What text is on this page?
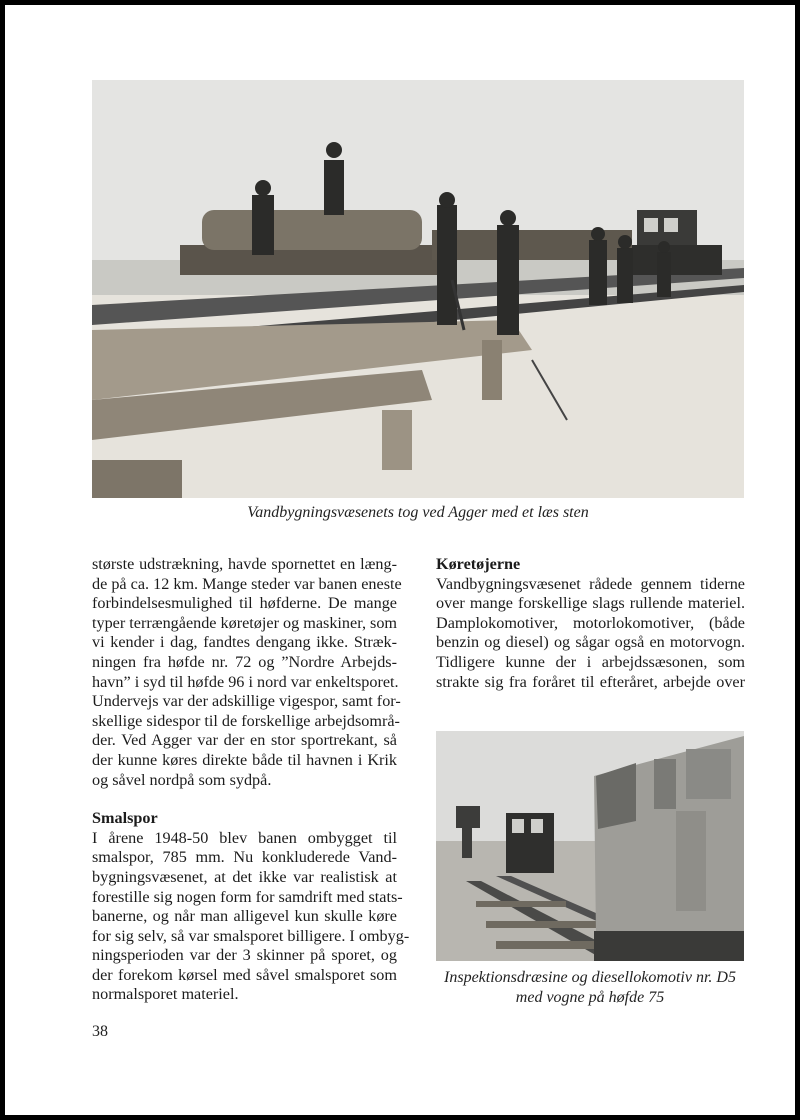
Vandbygningsvæsenets tog ved Agger med et læs sten
største udstrækning, havde spornettet en læng-
de på ca. 12 km. Mange steder var banen eneste
forbindelsesmulighed til høfderne. De mange
typer terrængående køretøjer og maskiner, som
vi kender i dag, fandtes dengang ikke. Stræk-
ningen fra høfde nr. 72 og ”Nordre Arbejds-
havn” i syd til høfde 96 i nord var enkeltsporet.
Undervejs var der adskillige vigespor, samt for-
skellige sidespor til de forskellige arbejdsområ-
der. Ved Agger var der en stor sportrekant, så
der kunne køres direkte både til havnen i Krik
og såvel nordpå som sydpå.
Smalspor
I årene 1948-50 blev banen ombygget til
smalspor, 785 mm. Nu konkluderede Vand-
bygningsvæsenet, at det ikke var realistisk at
forestille sig nogen form for samdrift med stats-
banerne, og når man alligevel kun skulle køre
for sig selv, så var smalsporet billigere. I ombyg-
ningsperioden var der 3 skinner på sporet, og
der forekom kørsel med såvel smalsporet som
normalsporet materiel.
Køretøjerne
Vandbygningsvæsenet rådede gennem tiderne
over mange forskellige slags rullende materiel.
Damplokomotiver, motorlokomotiver, (både
benzin og diesel) og sågar også en motorvogn.
Tidligere kunne der i arbejdssæsonen, som
strakte sig fra foråret til efteråret, arbejde over
Inspektionsdræsine og diesellokomotiv nr. D5
med vogne på høfde 75
38
